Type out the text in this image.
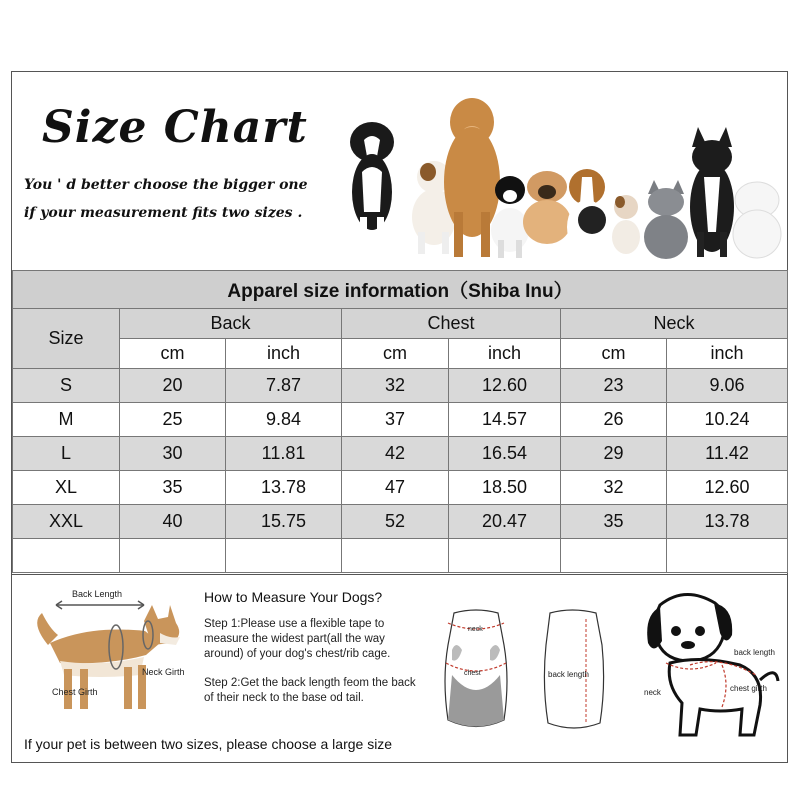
Size Chart
You ' d better choose the bigger one
if your measurement fits two sizes .
Apparel size information（Shiba Inu）						
Size	Back		Chest		Neck	
	cm	inch	cm	inch	cm	inch
S	20	7.87	32	12.60	23	9.06
M	25	9.84	37	14.57	26	10.24
L	30	11.81	42	16.54	29	11.42
XL	35	13.78	47	18.50	32	12.60
XXL	40	15.75	52	20.47	35	13.78

Back Length
Neck Girth
Chest Girth
How to Measure Your Dogs?
Step 1:Please use a flexible tape to measure the widest part(all the way around) of your dog's chest/rib cage.
Step 2:Get the back length feom the back of their neck to the base od tail.
neck
chest	back length
back length
neck	chest girth
If your pet is between two sizes, please choose a large size
